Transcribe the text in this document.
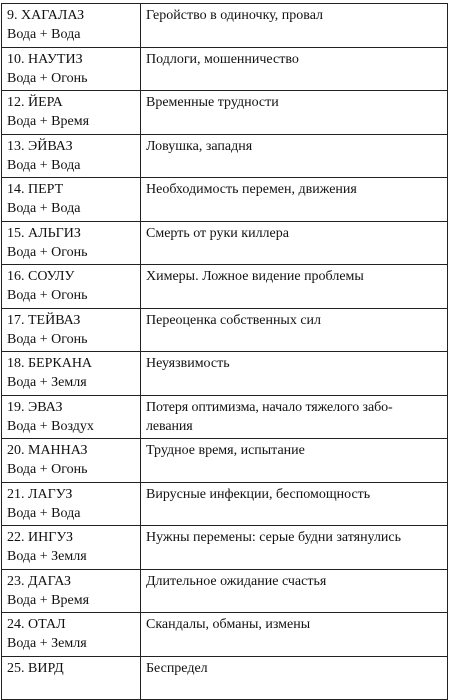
9. ХАГАЛАЗ
Вода + Вода	Геройство в одиночку, провал

10. НАУТИЗ
Вода + Огонь	Подлоги, мошенничество

12. ЙЕРА
Вода + Время	Временные трудности

13. ЭЙВАЗ
Вода + Вода	Ловушка, западня

14. ПЕРТ
Вода + Вода	Необходимость перемен, движения

15. АЛЬГИЗ
Вода + Огонь	Смерть от руки киллера

16. СОУЛУ
Вода + Огонь	Химеры. Ложное видение проблемы

17. ТЕЙВАЗ
Вода + Огонь	Переоценка собственных сил

18. БЕРКАНА
Вода + Земля	Неуязвимость

19. ЭВАЗ
Вода + Воздух	Потеря оптимизма, начало тяжелого забо-
левания

20. МАННАЗ
Вода + Огонь	Трудное время, испытание

21. ЛАГУЗ
Вода + Вода	Вирусные инфекции, беспомощность

22. ИНГУЗ
Вода + Земля	Нужны перемены: серые будни затянулись

23. ДАГАЗ
Вода + Время	Длительное ожидание счастья

24. ОТАЛ
Вода + Земля	Скандалы, обманы, измены

25. ВИРД	Беспредел
